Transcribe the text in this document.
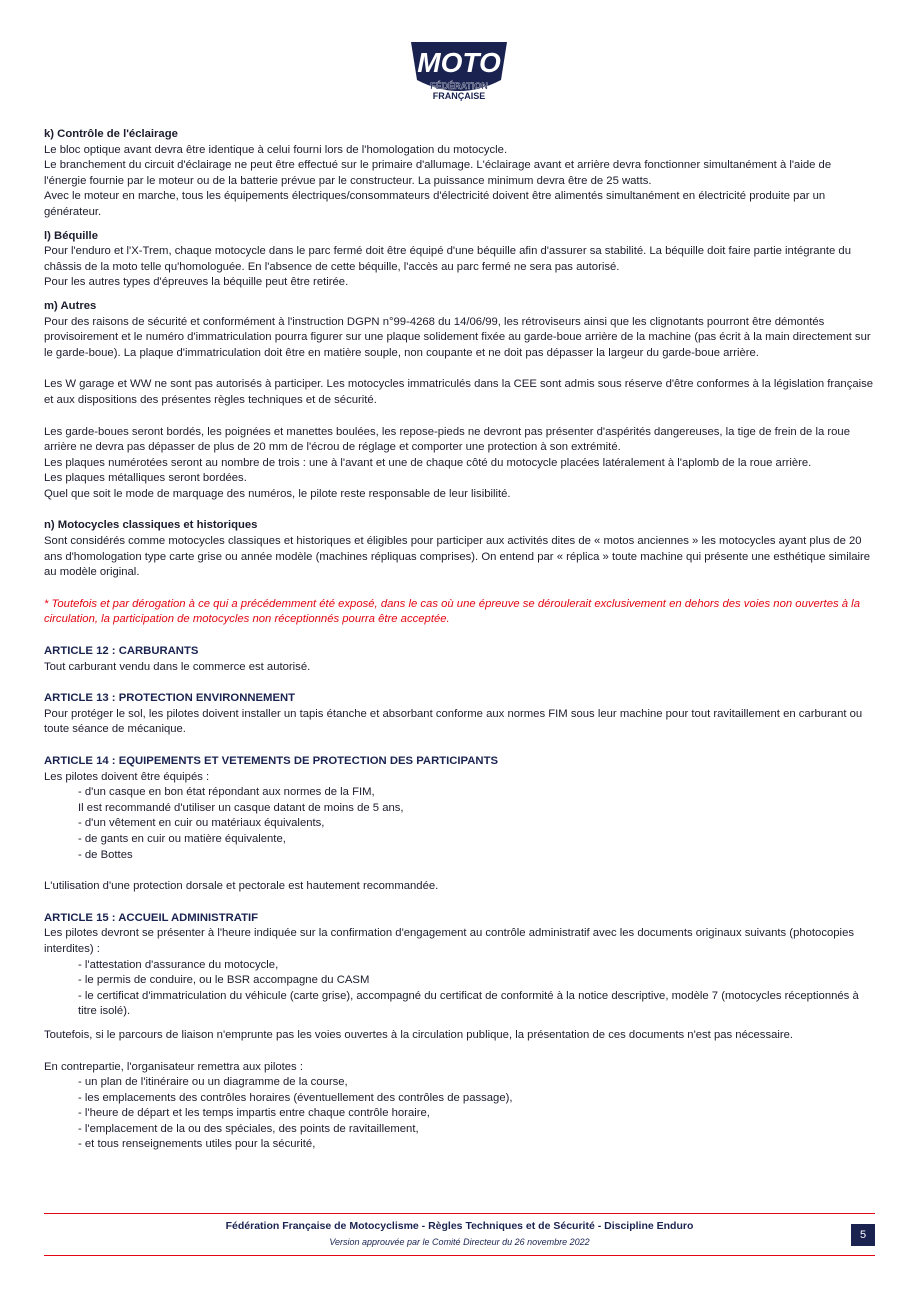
MOTO
FÉDÉRATION
FRANÇAISE

k) Contrôle de l'éclairage

Le bloc optique avant devra être identique à celui fourni lors de l'homologation du motocycle.

Le branchement du circuit d'éclairage ne peut être effectué sur le primaire d'allumage. L'éclairage avant et arrière devra fonctionner simultanément à l'aide de l'énergie fournie par le moteur ou de la batterie prévue par le constructeur. La puissance minimum devra être de 25 watts.

Avec le moteur en marche, tous les équipements électriques/consommateurs d'électricité doivent être alimentés simultanément en électricité produite par un générateur.

l) Béquille

Pour l'enduro et l'X-Trem, chaque motocycle dans le parc fermé doit être équipé d'une béquille afin d'assurer sa stabilité. La béquille doit faire partie intégrante du châssis de la moto telle qu'homologuée. En l'absence de cette béquille, l'accès au parc fermé ne sera pas autorisé.

Pour les autres types d'épreuves la béquille peut être retirée.

m) Autres

Pour des raisons de sécurité et conformément à l'instruction DGPN n°99-4268 du 14/06/99, les rétroviseurs ainsi que les clignotants pourront être démontés provisoirement et le numéro d'immatriculation pourra figurer sur une plaque solidement fixée au garde-boue arrière de la machine (pas écrit à la main directement sur le garde-boue). La plaque d'immatriculation doit être en matière souple, non coupante et ne doit pas dépasser la largeur du garde-boue arrière.

Les W garage et WW ne sont pas autorisés à participer. Les motocycles immatriculés dans la CEE sont admis sous réserve d'être conformes à la législation française et aux dispositions des présentes règles techniques et de sécurité.

Les garde-boues seront bordés, les poignées et manettes boulées, les repose-pieds ne devront pas présenter d'aspérités dangereuses, la tige de frein de la roue arrière ne devra pas dépasser de plus de 20 mm de l'écrou de réglage et comporter une protection à son extrémité.

Les plaques numérotées seront au nombre de trois : une à l'avant et une de chaque côté du motocycle placées latéralement à l'aplomb de la roue arrière.

Les plaques métalliques seront bordées.

Quel que soit le mode de marquage des numéros, le pilote reste responsable de leur lisibilité.

n) Motocycles classiques et historiques

Sont considérés comme motocycles classiques et historiques et éligibles pour participer aux activités dites de « motos anciennes » les motocycles ayant plus de 20 ans d'homologation type carte grise ou année modèle (machines répliquas comprises). On entend par « réplica » toute machine qui présente une esthétique similaire au modèle original.

* Toutefois et par dérogation à ce qui a précédemment été exposé, dans le cas où une épreuve se déroulerait exclusivement en dehors des voies non ouvertes à la circulation, la participation de motocycles non réceptionnés pourra être acceptée.

ARTICLE 12 : CARBURANTS

Tout carburant vendu dans le commerce est autorisé.

ARTICLE 13 : PROTECTION ENVIRONNEMENT

Pour protéger le sol, les pilotes doivent installer un tapis étanche et absorbant conforme aux normes FIM sous leur machine pour tout ravitaillement en carburant ou toute séance de mécanique.

ARTICLE 14 : EQUIPEMENTS ET VETEMENTS DE PROTECTION DES PARTICIPANTS

Les pilotes doivent être équipés :

- d'un casque en bon état répondant aux normes de la FIM,

Il est recommandé d'utiliser un casque datant de moins de 5 ans,

- d'un vêtement en cuir ou matériaux équivalents,

- de gants en cuir ou matière équivalente,

- de Bottes

L'utilisation d'une protection dorsale et pectorale est hautement recommandée.

ARTICLE 15 : ACCUEIL ADMINISTRATIF

Les pilotes devront se présenter à l'heure indiquée sur la confirmation d'engagement au contrôle administratif avec les documents originaux suivants (photocopies interdites) :

- l'attestation d'assurance du motocycle,

- le permis de conduire, ou le BSR accompagne du CASM

- le certificat d'immatriculation du véhicule (carte grise), accompagné du certificat de conformité à la notice descriptive, modèle 7 (motocycles réceptionnés à titre isolé).

Toutefois, si le parcours de liaison n'emprunte pas les voies ouvertes à la circulation publique, la présentation de ces documents n'est pas nécessaire.

En contrepartie, l'organisateur remettra aux pilotes :

- un plan de l'itinéraire ou un diagramme de la course,

- les emplacements des contrôles horaires (éventuellement des contrôles de passage),

- l'heure de départ et les temps impartis entre chaque contrôle horaire,

- l'emplacement de la ou des spéciales, des points de ravitaillement,

- et tous renseignements utiles pour la sécurité,

Fédération Française de Motocyclisme - Règles Techniques et de Sécurité - Discipline Enduro
Version approuvée par le Comité Directeur du 26 novembre 2022
5
